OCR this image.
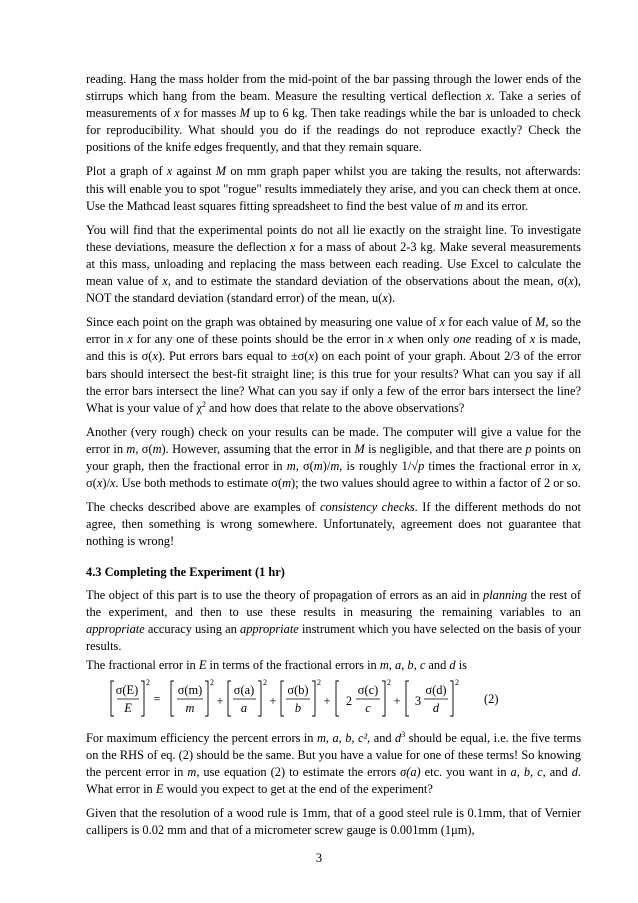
reading. Hang the mass holder from the mid-point of the bar passing through the lower ends of the stirrups which hang from the beam. Measure the resulting vertical deflection x. Take a series of measurements of x for masses M up to 6 kg. Then take readings while the bar is unloaded to check for reproducibility. What should you do if the readings do not reproduce exactly? Check the positions of the knife edges frequently, and that they remain square.

Plot a graph of x against M on mm graph paper whilst you are taking the results, not afterwards: this will enable you to spot "rogue" results immediately they arise, and you can check them at once. Use the Mathcad least squares fitting spreadsheet to find the best value of m and its error.

You will find that the experimental points do not all lie exactly on the straight line. To investigate these deviations, measure the deflection x for a mass of about 2-3 kg. Make several measurements at this mass, unloading and replacing the mass between each reading. Use Excel to calculate the mean value of x, and to estimate the standard deviation of the observations about the mean, σ(x), NOT the standard deviation (standard error) of the mean, u(x).

Since each point on the graph was obtained by measuring one value of x for each value of M, so the error in x for any one of these points should be the error in x when only one reading of x is made, and this is σ(x). Put errors bars equal to ±σ(x) on each point of your graph. About 2/3 of the error bars should intersect the best-fit straight line; is this true for your results? What can you say if all the error bars intersect the line? What can you say if only a few of the error bars intersect the line? What is your value of $\chi^2$ and how does that relate to the above observations?

Another (very rough) check on your results can be made. The computer will give a value for the error in m, σ(m). However, assuming that the error in M is negligible, and that there are p points on your graph, then the fractional error in m, σ(m)/m, is roughly 1/√p times the fractional error in x, σ(x)/x. Use both methods to estimate σ(m); the two values should agree to within a factor of 2 or so.

The checks described above are examples of consistency checks. If the different methods do not agree, then something is wrong somewhere. Unfortunately, agreement does not guarantee that nothing is wrong!

4.3 Completing the Experiment (1 hr)

The object of this part is to use the theory of propagation of errors as an aid in planning the rest of the experiment, and then to use these results in measuring the remaining variables to an appropriate accuracy using an appropriate instrument which you have selected on the basis of your results.

The fractional error in E in terms of the fractional errors in m, a, b, c and d is

σ(E)
E
2
=
σ(m)
m
2
+
σ(a)
a
2
+
σ(b)
b
2
+ 2
σ(c)
c
2
+ 3
σ(d)
d
2
(2)

For maximum efficiency the percent errors in m, a, b, c², and $d^3$ should be equal, i.e. the five terms on the RHS of eq. (2) should be the same. But you have a value for one of these terms! So knowing the percent error in m, use equation (2) to estimate the errors σ(a) etc. you want in a, b, c, and d. What error in E would you expect to get at the end of the experiment?

Given that the resolution of a wood rule is 1mm, that of a good steel rule is 0.1mm, that of Vernier callipers is 0.02 mm and that of a micrometer screw gauge is 0.001mm (1μm),

3
